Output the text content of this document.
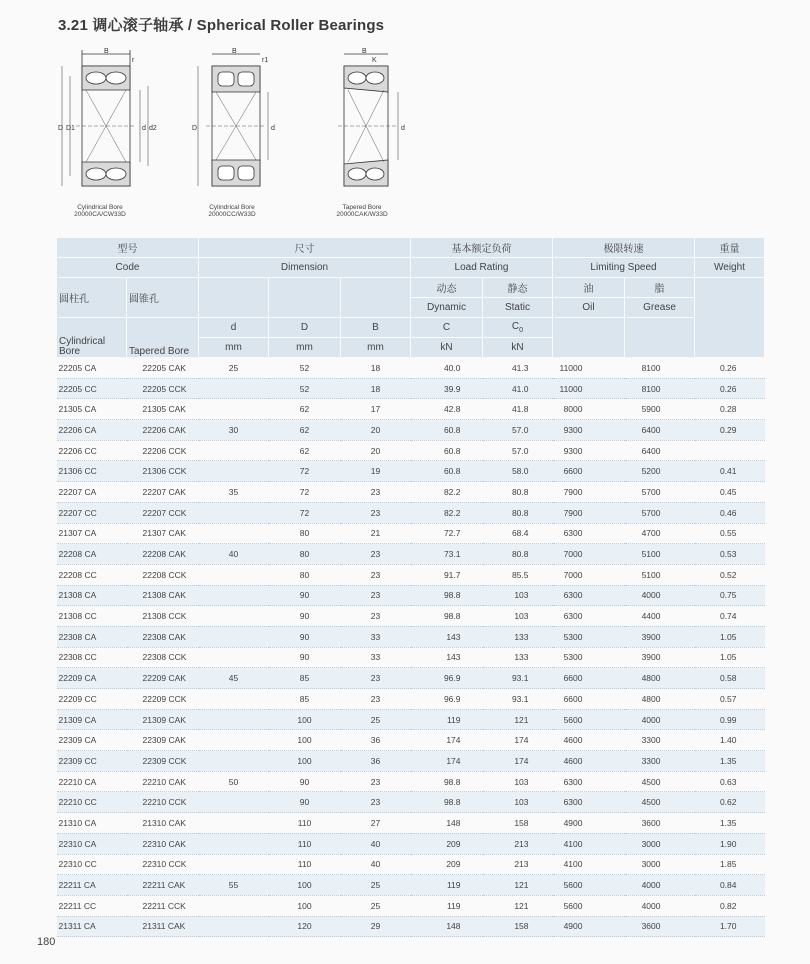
3.21 调心滚子轴承 / Spherical Roller Bearings
B
r
D D1	d d2
Cylindrical Bore
20000CA/CW33D
B
r1
D	d
Cylindrical Bore
20000CC/W33D
B
K
d
Tapered Bore
20000CAK/W33D
型号		尺寸			基本额定负荷		极限转速		重量
Code		Dimension			Load Rating		Limiting Speed		Weight
圆柱孔	圆锥孔				动态	静态	油	脂	
					Dynamic	Static	Oil	Grease	
Cylindrical Bore	Tapered Bore	d	D	B	C	$C_0$		
		mm	mm	mm	kN	kN			
22205 CA	22205 CAK	25	52	18	40.0	41.3	11000	8100	0.26
22205 CC	22205 CCK		52	18	39.9	41.0	11000	8100	0.26
21305 CA	21305 CAK		62	17	42.8	41.8	8000	5900	0.28
22206 CA	22206 CAK	30	62	20	60.8	57.0	9300	6400	0.29
22206 CC	22206 CCK		62	20	60.8	57.0	9300	6400	
21306 CC	21306 CCK		72	19	60.8	58.0	6600	5200	0.41
22207 CA	22207 CAK	35	72	23	82.2	80.8	7900	5700	0.45
22207 CC	22207 CCK		72	23	82.2	80.8	7900	5700	0.46
21307 CA	21307 CAK		80	21	72.7	68.4	6300	4700	0.55
22208 CA	22208 CAK	40	80	23	73.1	80.8	7000	5100	0.53
22208 CC	22208 CCK		80	23	91.7	85.5	7000	5100	0.52
21308 CA	21308 CAK		90	23	98.8	103	6300	4000	0.75
21308 CC	21308 CCK		90	23	98.8	103	6300	4400	0.74
22308 CA	22308 CAK		90	33	143	133	5300	3900	1.05
22308 CC	22308 CCK		90	33	143	133	5300	3900	1.05
22209 CA	22209 CAK	45	85	23	96.9	93.1	6600	4800	0.58
22209 CC	22209 CCK		85	23	96.9	93.1	6600	4800	0.57
21309 CA	21309 CAK		100	25	119	121	5600	4000	0.99
22309 CA	22309 CAK		100	36	174	174	4600	3300	1.40
22309 CC	22309 CCK		100	36	174	174	4600	3300	1.35
22210 CA	22210 CAK	50	90	23	98.8	103	6300	4500	0.63
22210 CC	22210 CCK		90	23	98.8	103	6300	4500	0.62
21310 CA	21310 CAK		110	27	148	158	4900	3600	1.35
22310 CA	22310 CAK		110	40	209	213	4100	3000	1.90
22310 CC	22310 CCK		110	40	209	213	4100	3000	1.85
22211 CA	22211 CAK	55	100	25	119	121	5600	4000	0.84
22211 CC	22211 CCK		100	25	119	121	5600	4000	0.82
21311 CA	21311 CAK		120	29	148	158	4900	3600	1.70
180
